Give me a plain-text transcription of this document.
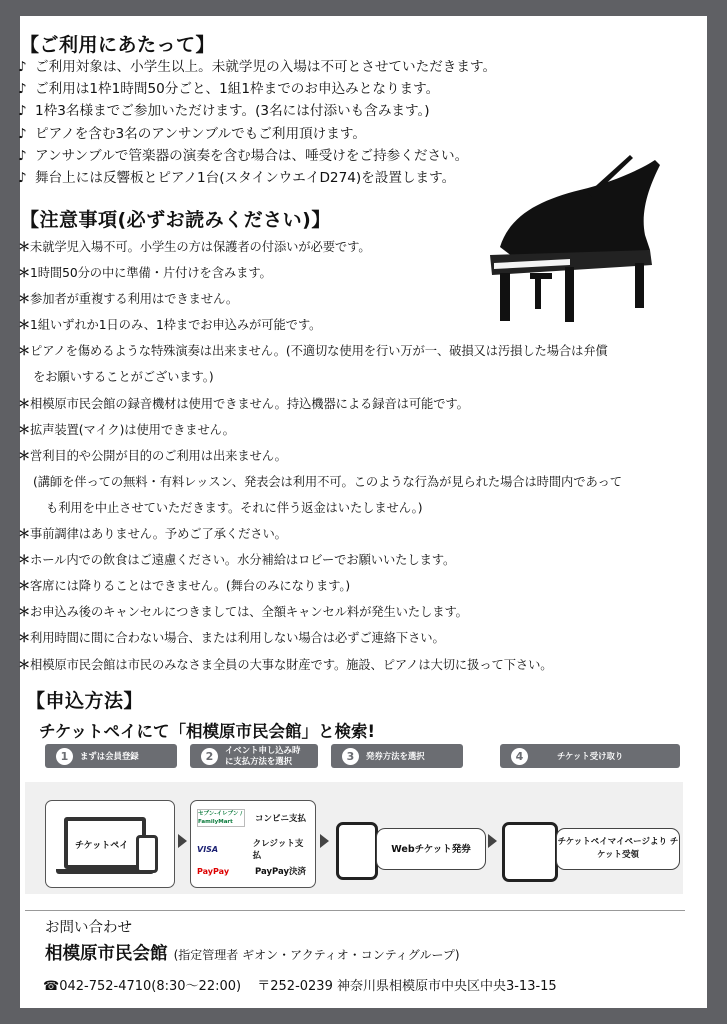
【ご利用にあたって】
♪ ご利用対象は、小学生以上。未就学児の入場は不可とさせていただきます。
♪ ご利用は1枠1時間50分ごと、1組1枠までのお申込みとなります。
♪ 1枠3名様までご参加いただけます。(3名には付添いも含みます。)
♪ ピアノを含む3名のアンサンブルでもご利用頂けます。
♪ アンサンブルで管楽器の演奏を含む場合は、唾受けをご持参ください。
♪ 舞台上には反響板とピアノ1台(スタインウエイD274)を設置します。
【注意事項(必ずお読みください)】
＊未就学児入場不可。小学生の方は保護者の付添いが必要です。
＊1時間50分の中に準備・片付けを含みます。
＊参加者が重複する利用はできません。
＊1組いずれか1日のみ、1枠までお申込みが可能です。
＊ピアノを傷めるような特殊演奏は出来ません。(不適切な使用を行い万が一、破損又は汚損した場合は弁償
をお願いすることがございます。)
＊相模原市民会館の録音機材は使用できません。持込機器による録音は可能です。
＊拡声装置(マイク)は使用できません。
＊営利目的や公開が目的のご利用は出来ません。
(講師を伴っての無料・有料レッスン、発表会は利用不可。このような行為が見られた場合は時間内であって
も利用を中止させていただきます。それに伴う返金はいたしません。)
＊事前調律はありません。予めご了承ください。
＊ホール内での飲食はご遠慮ください。水分補給はロビーでお願いいたします。
＊客席には降りることはできません。(舞台のみになります。)
＊お申込み後のキャンセルにつきましては、全額キャンセル料が発生いたします。
＊利用時間に間に合わない場合、または利用しない場合は必ずご連絡下さい。
＊相模原市民会館は市民のみなさま全員の大事な財産です。施設、ピアノは大切に扱って下さい。
【申込方法】
チケットペイにて「相模原市民会館」と検索!
1	まずは会員登録	2	イベント申し込み時に支払方法を選択	3	発券方法を選択	4	チケット受け取り
チケットペイ
セブン-イレブン / FamilyMart	コンビニ支払
VISA	クレジット支払
PayPay	PayPay決済
Webチケット発券
チケットペイマイページより チケット受領
お問い合わせ
相模原市民会館 (指定管理者 ギオン・アクティオ・コンティグループ)
☎042-752-4710(8:30～22:00) 〒252-0239 神奈川県相模原市中央区中央3-13-15
